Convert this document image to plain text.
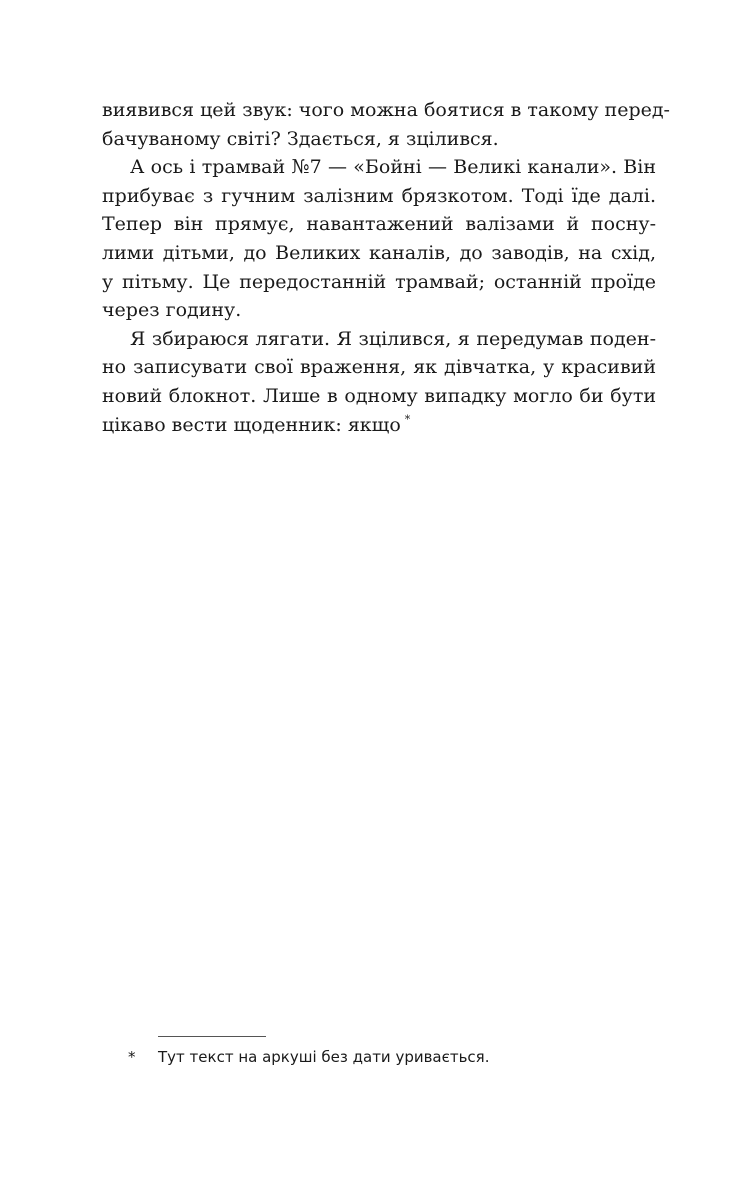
виявився цей звук: чого можна боятися в такому перед-
бачуваному світі? Здається, я зцілився.
А ось і трамвай №7 — «Бойні — Великі канали». Він
прибуває з гучним залізним брязкотом. Тоді їде далі.
Тепер він прямує, навантажений валізами й посну-
лими дітьми, до Великих каналів, до заводів, на схід,
у пітьму. Це передостанній трамвай; останній проїде
через годину.
Я збираюся лягати. Я зцілився, я передумав поден-
но записувати свої враження, як дівчатка, у красивий
новий блокнот. Лише в одному випадку могло би бути
цікаво вести щоденник: якщо *
* Тут текст на аркуші без дати уривається.
